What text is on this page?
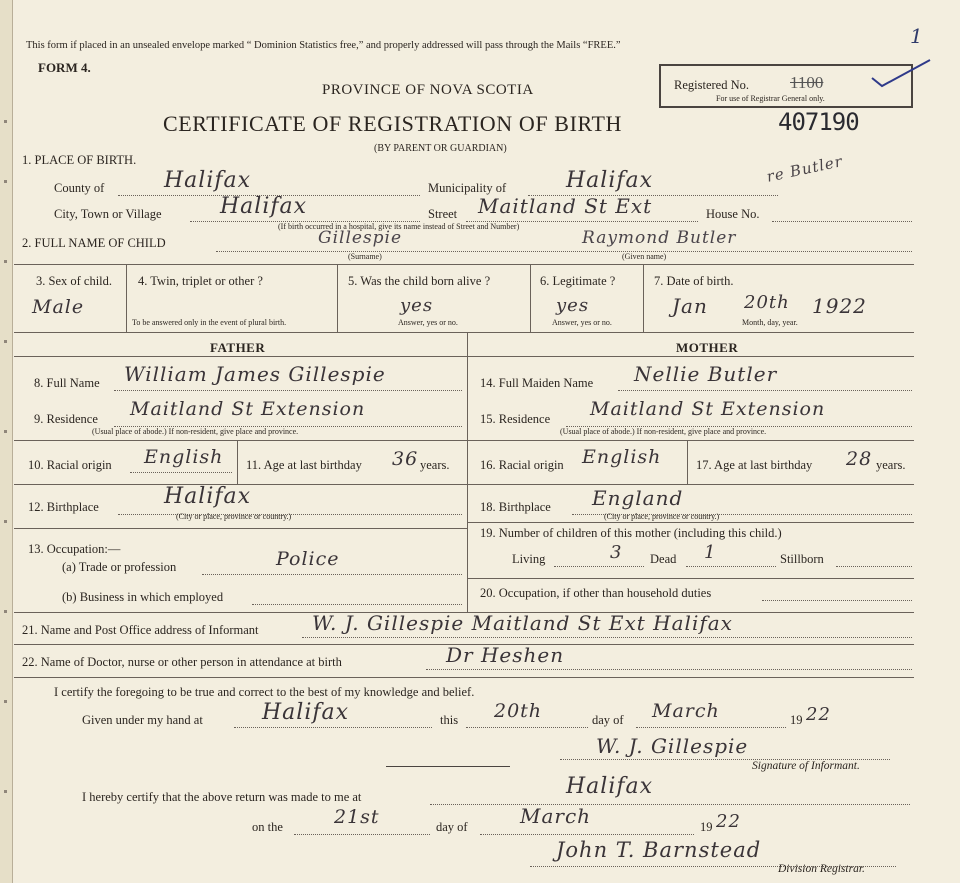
This form if placed in an unsealed envelope marked “ Dominion Statistics free,” and properly addressed will pass through the Mails “FREE.”
FORM 4.
PROVINCE OF NOVA SCOTIA
CERTIFICATE OF REGISTRATION OF BIRTH
(BY PARENT OR GUARDIAN)
Registered No. 1100
For use of Registrar General only.
407190
1
re Butler
1. PLACE OF BIRTH.
County of	Halifax	Municipality of	Halifax
City, Town or Village	Halifax
(If birth occurred in a hospital, give its name instead of Street and Number)
Street Maitland St Ext	House No.
2. FULL NAME OF CHILD	Gillespie
(Surname)
Raymond Butler
(Given name)
3. Sex of child.
Male
4. Twin, triplet or other ?
To be answered only in the event of plural birth.
5. Was the child born alive ?
yes
Answer, yes or no.
6. Legitimate ?
yes
Answer, yes or no.
7. Date of birth.
Jan 20th 1922
Month, day, year.
FATHER	MOTHER
8. Full Name William James Gillespie
9. Residence Maitland St Extension
(Usual place of abode.) If non-resident, give place and province.
10. Racial origin English 11. Age at last birthday 36 years.
12. Birthplace	Halifax
(City or place, province or country.)
13. Occupation:—
(a) Trade or profession	Police
(b) Business in which employed
14. Full Maiden Name Nellie Butler
15. Residence Maitland St Extension
(Usual place of abode.) If non-resident, give place and province.
16. Racial origin English	17. Age at last birthday 28 years.
18. Birthplace England
(City or place, province or country.)
19. Number of children of this mother (including this child.)
Living	3 Dead 1	Stillborn
20. Occupation, if other than household duties
21. Name and Post Office address of Informant	W. J. Gillespie Maitland St Ext Halifax
22. Name of Doctor, nurse or other person in attendance at birth	Dr Heshen
I certify the foregoing to be true and correct to the best of my knowledge and belief.
Given under my hand at	Halifax	this 20th	day of March	19 22
W. J. Gillespie
Signature of Informant.
I hereby certify that the above return was made to me at	Halifax
on the	21st	day of	March	19 22
John T. Barnstead
Division Registrar.
